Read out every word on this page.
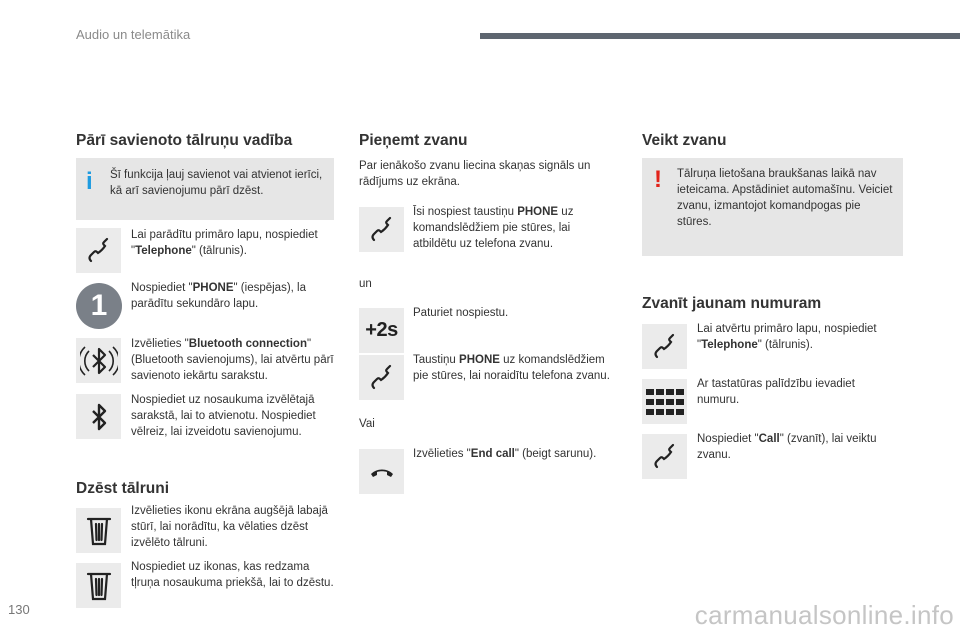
Audio un telemātika
Pārī savienoto tālruņu vadība
i Šī funkcija ļauj savienot vai atvienot ierīci, kā arī savienojumu pārī dzēst.
1
Lai parādītu primāro lapu, nospiediet "Telephone" (tālrunis).
Nospiediet "PHONE" (iespējas), la parādītu sekundāro lapu.
Izvēlieties "Bluetooth connection" (Bluetooth savienojums), lai atvērtu pārī savienoto iekārtu sarakstu.
Nospiediet uz nosaukuma izvēlētajā sarakstā, lai to atvienotu. Nospiediet vēlreiz, lai izveidotu savienojumu.
Dzēst tālruni
Izvēlieties ikonu ekrāna augšējā labajā stūrī, lai norādītu, ka vēlaties dzēst izvēlēto tālruni.
Nospiediet uz ikonas, kas redzama tļruņa nosaukuma priekšā, lai to dzēstu.
Pieņemt zvanu
Par ienākošo zvanu liecina skaņas signāls un rādījums uz ekrāna.
Īsi nospiest taustiņu PHONE uz komandslēdžiem pie stūres, lai atbildētu uz telefona zvanu.
un
+2s
Paturiet nospiestu.
Taustiņu PHONE uz komandslēdžiem pie stūres, lai noraidītu telefona zvanu.
Vai
Izvēlieties "End call" (beigt sarunu).
Veikt zvanu
! Tālruņa lietošana braukšanas laikā nav ieteicama. Apstādiniet automašīnu. Veiciet zvanu, izmantojot komandpogas pie stūres.
Zvanīt jaunam numuram
Lai atvērtu primāro lapu, nospiediet "Telephone" (tālrunis).
Ar tastatūras palīdzību ievadiet numuru.
Nospiediet "Call" (zvanīt), lai veiktu zvanu.
130	carmanualsonline.info
